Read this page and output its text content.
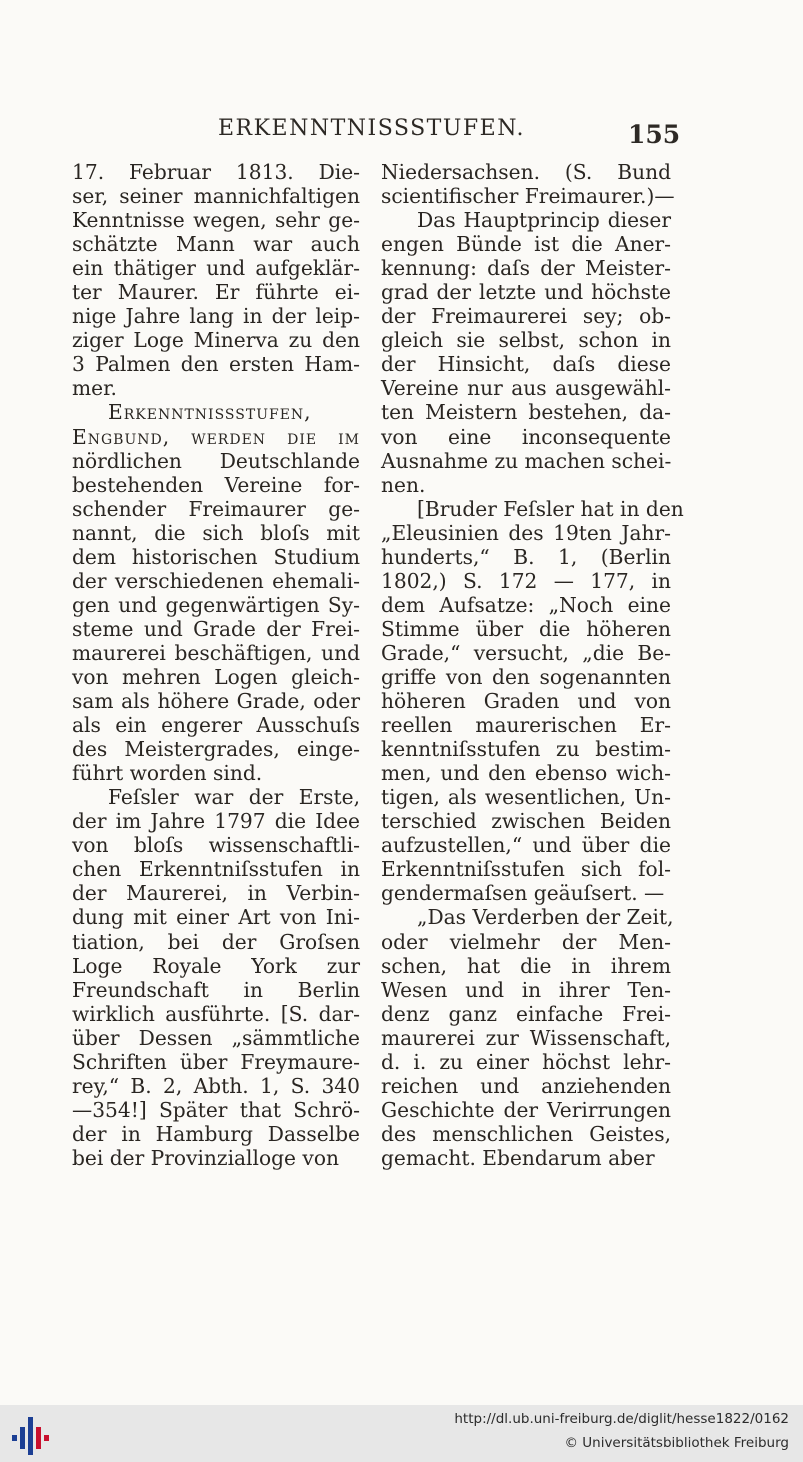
ERKENNTNISSSTUFEN.	155
17. Februar 1813. Die-
ser, seiner mannichfaltigen
Kenntnisse wegen, sehr ge-
schätzte Mann war auch
ein thätiger und aufgeklär-
ter Maurer. Er führte ei-
nige Jahre lang in der leip-
ziger Loge Minerva zu den
3 Palmen den ersten Ham-
mer.
Erkenntnissstufen,
Engbund, werden die im
nördlichen Deutschlande
bestehenden Vereine for-
schender Freimaurer ge-
nannt, die sich bloſs mit
dem historischen Studium
der verschiedenen ehemali-
gen und gegenwärtigen Sy-
steme und Grade der Frei-
maurerei beschäftigen, und
von mehren Logen gleich-
sam als höhere Grade, oder
als ein engerer Ausschuſs
des Meistergrades, einge-
führt worden sind.
Feſsler war der Erste,
der im Jahre 1797 die Idee
von bloſs wissenschaftli-
chen Erkenntniſsstufen in
der Maurerei, in Verbin-
dung mit einer Art von Ini-
tiation, bei der Groſsen
Loge Royale York zur
Freundschaft in Berlin
wirklich ausführte. [S. dar-
über Dessen „sämmtliche
Schriften über Freymaure-
rey,“ B. 2, Abth. 1, S. 340
—354!] Später that Schrö-
der in Hamburg Dasselbe
bei der Provinzialloge von
Niedersachsen. (S. Bund
scientifischer Freimaurer.)—
Das Hauptprincip dieser
engen Bünde ist die Aner-
kennung: daſs der Meister-
grad der letzte und höchste
der Freimaurerei sey; ob-
gleich sie selbst, schon in
der Hinsicht, daſs diese
Vereine nur aus ausgewähl-
ten Meistern bestehen, da-
von eine inconsequente
Ausnahme zu machen schei-
nen.
[Bruder Feſsler hat in den
„Eleusinien des 19ten Jahr-
hunderts,“ B. 1, (Berlin
1802,) S. 172 — 177, in
dem Aufsatze: „Noch eine
Stimme über die höheren
Grade,“ versucht, „die Be-
griffe von den sogenannten
höheren Graden und von
reellen maurerischen Er-
kenntniſsstufen zu bestim-
men, und den ebenso wich-
tigen, als wesentlichen, Un-
terschied zwischen Beiden
aufzustellen,“ und über die
Erkenntniſsstufen sich fol-
gendermaſsen geäuſsert. —
„Das Verderben der Zeit,
oder vielmehr der Men-
schen, hat die in ihrem
Wesen und in ihrer Ten-
denz ganz einfache Frei-
maurerei zur Wissenschaft,
d. i. zu einer höchst lehr-
reichen und anziehenden
Geschichte der Verirrungen
des menschlichen Geistes,
gemacht. Ebendarum aber
http://dl.ub.uni-freiburg.de/diglit/hesse1822/0162
© Universitätsbibliothek Freiburg
